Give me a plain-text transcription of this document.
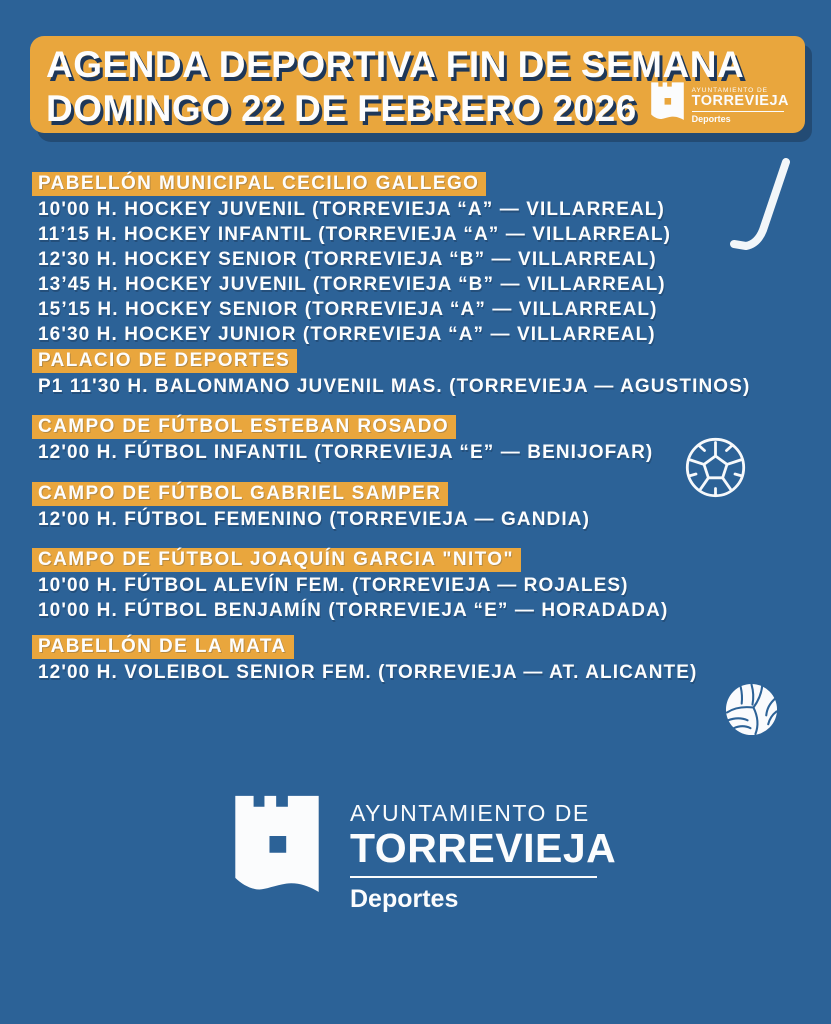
AGENDA DEPORTIVA FIN DE SEMANA
DOMINGO 22 DE FEBRERO 2026	AYUNTAMIENTO DE
TORREVIEJA
Deportes
PABELLÓN MUNICIPAL CECILIO GALLEGO
10'00 H. HOCKEY JUVENIL (TORREVIEJA “A” — VILLARREAL)
11’15 H. HOCKEY INFANTIL (TORREVIEJA “A” — VILLARREAL)
12'30 H. HOCKEY SENIOR (TORREVIEJA “B” — VILLARREAL)
13’45 H. HOCKEY JUVENIL (TORREVIEJA “B” — VILLARREAL)
15’15 H. HOCKEY SENIOR (TORREVIEJA “A” — VILLARREAL)
16'30 H. HOCKEY JUNIOR (TORREVIEJA “A” — VILLARREAL)
PALACIO DE DEPORTES
P1 11'30 H. BALONMANO JUVENIL MAS. (TORREVIEJA — AGUSTINOS)
CAMPO DE FÚTBOL ESTEBAN ROSADO
12'00 H. FÚTBOL INFANTIL (TORREVIEJA “E” — BENIJOFAR)
CAMPO DE FÚTBOL GABRIEL SAMPER
12'00 H. FÚTBOL FEMENINO (TORREVIEJA — GANDIA)
CAMPO DE FÚTBOL JOAQUÍN GARCIA "NITO"
10'00 H. FÚTBOL ALEVÍN FEM. (TORREVIEJA — ROJALES)
10'00 H. FÚTBOL BENJAMÍN (TORREVIEJA “E” — HORADADA)
PABELLÓN DE LA MATA
12'00 H. VOLEIBOL SENIOR FEM. (TORREVIEJA — AT. ALICANTE)
AYUNTAMIENTO DE
TORREVIEJA
Deportes
